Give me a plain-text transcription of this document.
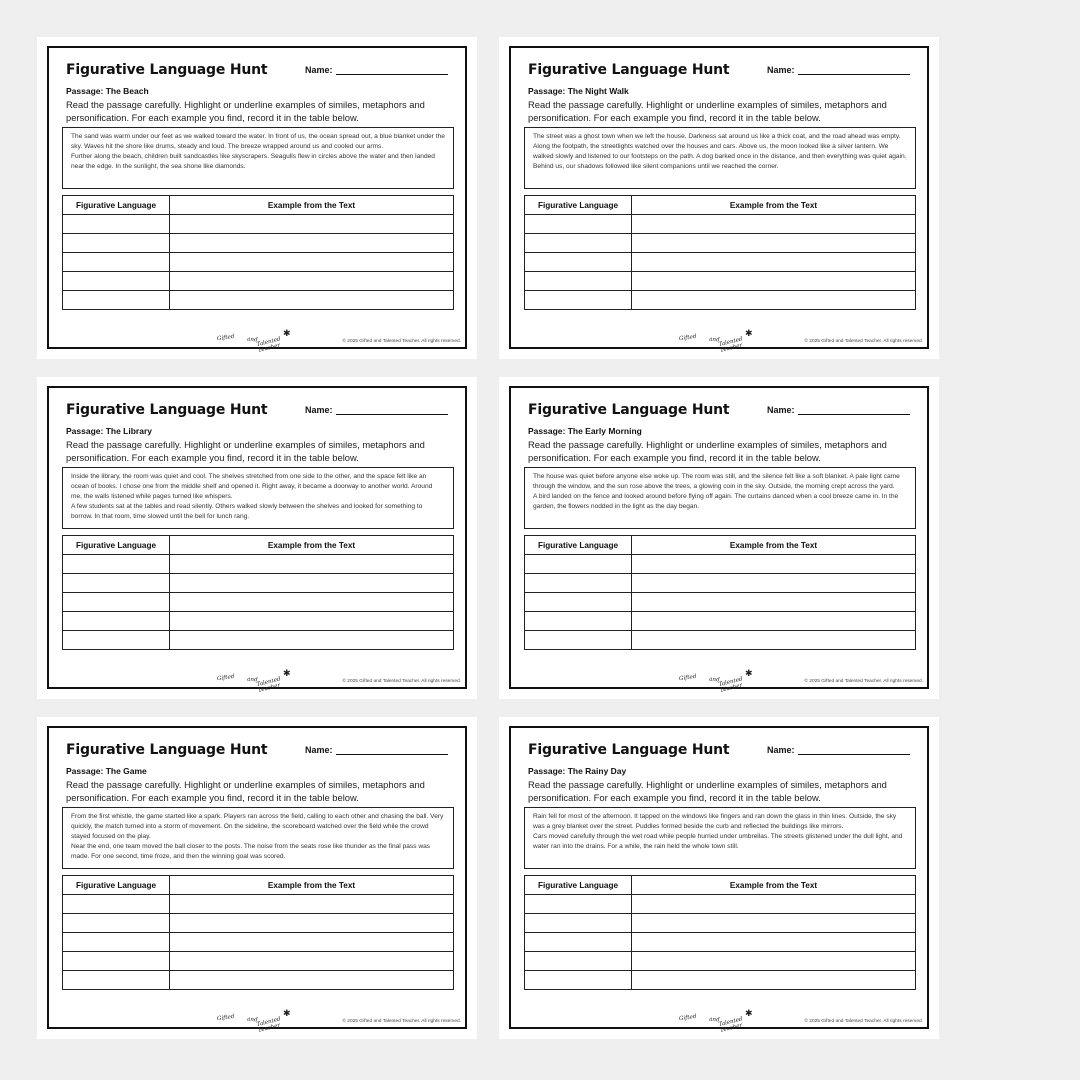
Figurative Language Hunt	Name:
Passage: The Beach
Read the passage carefully. Highlight or underline examples of similes, metaphors and personification. For each example you find, record it in the table below.

The sand was warm under our feet as we walked toward the water. In front of us, the ocean spread out, a blue blanket under the sky. Waves hit the shore like drums, steady and loud. The breeze wrapped around us and cooled our arms.

Further along the beach, children built sandcastles like skyscrapers. Seagulls flew in circles above the water and then landed near the edge. In the sunlight, the sea shone like diamonds.

Figurative Language	Example from the Text

Gifted and
Talented Teacher
✱
© 2025 Gifted and Talented Teacher. All rights reserved.
Figurative Language Hunt	Name:
Passage: The Night Walk
Read the passage carefully. Highlight or underline examples of similes, metaphors and personification. For each example you find, record it in the table below.

The street was a ghost town when we left the house. Darkness sat around us like a thick coat, and the road ahead was empty. Along the footpath, the streetlights watched over the houses and cars. Above us, the moon looked like a silver lantern. We walked slowly and listened to our footsteps on the path. A dog barked once in the distance, and then everything was quiet again. Behind us, our shadows followed like silent companions until we reached the corner.

Figurative Language	Example from the Text

Gifted and
Talented Teacher
✱
© 2025 Gifted and Talented Teacher. All rights reserved.
Figurative Language Hunt	Name:
Passage: The Library
Read the passage carefully. Highlight or underline examples of similes, metaphors and personification. For each example you find, record it in the table below.

Inside the library, the room was quiet and cool. The shelves stretched from one side to the other, and the space felt like an ocean of books. I chose one from the middle shelf and opened it. Right away, it became a doorway to another world. Around me, the walls listened while pages turned like whispers.

A few students sat at the tables and read silently. Others walked slowly between the shelves and looked for something to borrow. In that room, time slowed until the bell for lunch rang.

Figurative Language	Example from the Text

Gifted and
Talented Teacher
✱
© 2025 Gifted and Talented Teacher. All rights reserved.
Figurative Language Hunt	Name:
Passage: The Early Morning
Read the passage carefully. Highlight or underline examples of similes, metaphors and personification. For each example you find, record it in the table below.

The house was quiet before anyone else woke up. The room was still, and the silence felt like a soft blanket. A pale light came through the window, and the sun rose above the trees, a glowing coin in the sky. Outside, the morning crept across the yard.

A bird landed on the fence and looked around before flying off again. The curtains danced when a cool breeze came in. In the garden, the flowers nodded in the light as the day began.

Figurative Language	Example from the Text

Gifted and
Talented Teacher
✱
© 2025 Gifted and Talented Teacher. All rights reserved.
Figurative Language Hunt	Name:
Passage: The Game
Read the passage carefully. Highlight or underline examples of similes, metaphors and personification. For each example you find, record it in the table below.

From the first whistle, the game started like a spark. Players ran across the field, calling to each other and chasing the ball. Very quickly, the match turned into a storm of movement. On the sideline, the scoreboard watched over the field while the crowd stayed focused on the play.

Near the end, one team moved the ball closer to the posts. The noise from the seats rose like thunder as the final pass was made. For one second, time froze, and then the winning goal was scored.

Figurative Language	Example from the Text

Gifted and
Talented Teacher
✱
© 2025 Gifted and Talented Teacher. All rights reserved.
Figurative Language Hunt	Name:
Passage: The Rainy Day
Read the passage carefully. Highlight or underline examples of similes, metaphors and personification. For each example you find, record it in the table below.

Rain fell for most of the afternoon. It tapped on the windows like fingers and ran down the glass in thin lines. Outside, the sky was a grey blanket over the street. Puddles formed beside the curb and reflected the buildings like mirrors.

Cars moved carefully through the wet road while people hurried under umbrellas. The streets glistened under the dull light, and water ran into the drains. For a while, the rain held the whole town still.

Figurative Language	Example from the Text

Gifted and
Talented Teacher
✱
© 2025 Gifted and Talented Teacher. All rights reserved.
